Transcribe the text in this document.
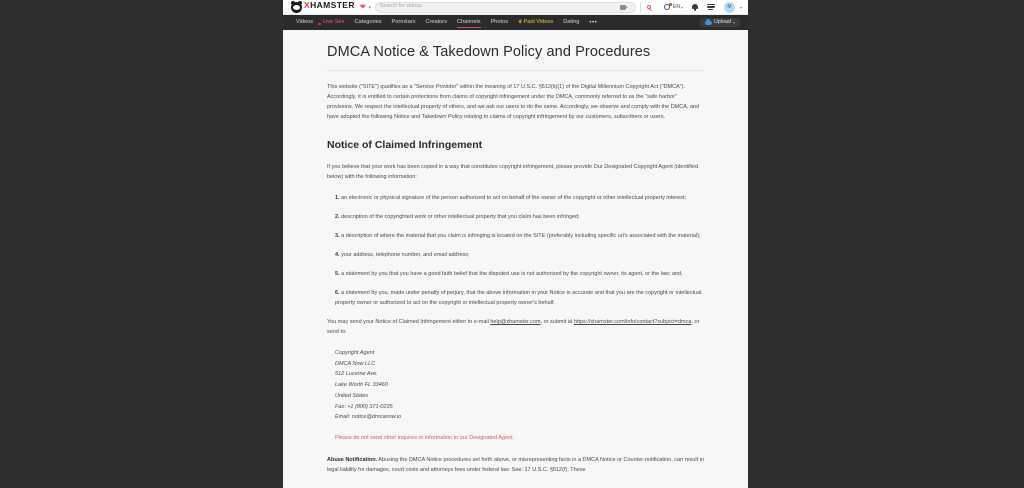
XHAMSTER ❤ ▾ Search for videos	EN ▾	M	▾
Videos	Live Sex	Categories	Pornstars	Creators	Channels	Photos	♛Paid Videos	Dating	•••	Upload ▾
DMCA Notice & Takedown Policy and Procedures

This website ("SITE") qualifies as a "Service Provider" within the meaning of 17 U.S.C. §512(k)(1) of the Digital Millennium Copyright Act ("DMCA"). Accordingly, it is entitled to certain protections from claims of copyright infringement under the DMCA, commonly referred to as the "safe harbor" provisions. We respect the intellectual property of others, and we ask our users to do the same. Accordingly, we observe and comply with the DMCA, and have adopted the following Notice and Takedown Policy relating to claims of copyright infringement by our customers, subscribers or users.

Notice of Claimed Infringement

If you believe that your work has been copied in a way that constitutes copyright infringement, please provide Our Designated Copyright Agent (identified below) with the following information:

1. an electronic or physical signature of the person authorized to act on behalf of the owner of the copyright or other intellectual property interest;
2. description of the copyrighted work or other intellectual property that you claim has been infringed;
3. a description of where the material that you claim is infringing is located on the SITE (preferably including specific url's associated with the material);
4. your address, telephone number, and email address;
5. a statement by you that you have a good faith belief that the disputed use is not authorized by the copyright owner, its agent, or the law; and,
6. a statement by you, made under penalty of perjury, that the above information in your Notice is accurate and that you are the copyright or intellectual property owner or authorized to act on the copyright or intellectual property owner's behalf.

You may send your Notice of Claimed Infringement either to e-mail help@xhamster.com, or submit at https://xhamster.com/info/contact?subject=dmca, or send to:

Copyright Agent
DMCA Now LLC
512 Lucerne Ave.
Lake Worth FL 33460
United States
Fax: +1 (800) 371-0235
Email: notice@dmcanow.io

Please do not send other inquires or information to our Designated Agent.

Abuse Notification. Abusing the DMCA Notice procedures set forth above, or misrepresenting facts in a DMCA Notice or Counter-notification, can result in legal liability for damages, court costs and attorneys fees under federal law. See: 17 U.S.C. §512(f). These
